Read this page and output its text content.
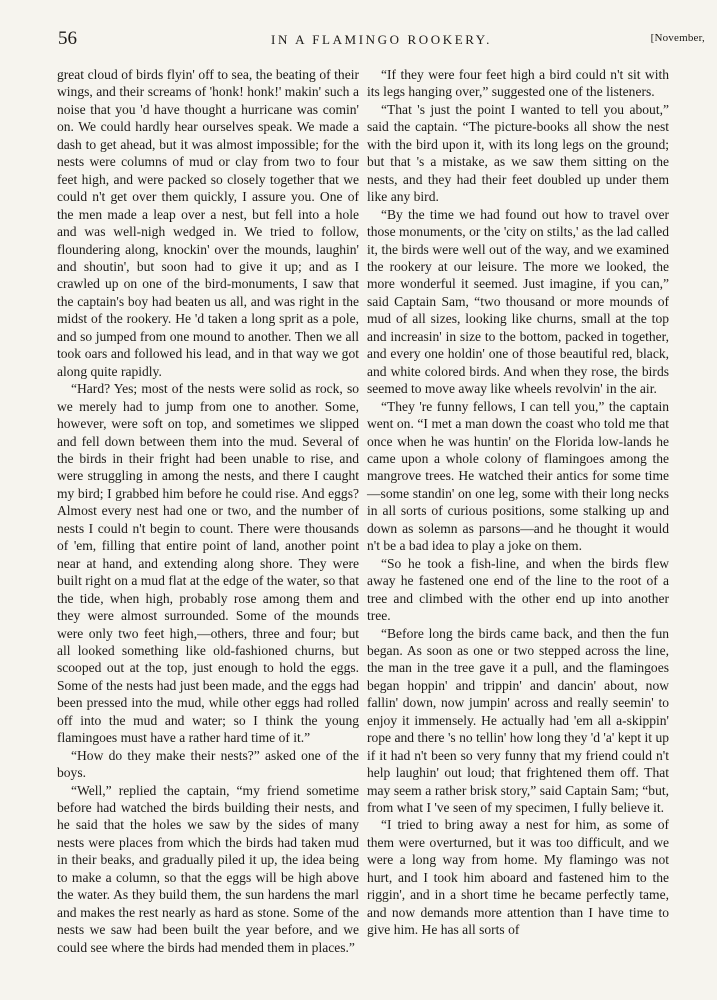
56	IN A FLAMINGO ROOKERY.	[November,

great cloud of birds flyin' off to sea, the beating of their wings, and their screams of 'honk! honk!' makin' such a noise that you 'd have thought a hurricane was comin' on. We could hardly hear ourselves speak. We made a dash to get ahead, but it was almost impossible; for the nests were columns of mud or clay from two to four feet high, and were packed so closely together that we could n't get over them quickly, I assure you. One of the men made a leap over a nest, but fell into a hole and was well-nigh wedged in. We tried to follow, floundering along, knockin' over the mounds, laughin' and shoutin', but soon had to give it up; and as I crawled up on one of the bird-monuments, I saw that the captain's boy had beaten us all, and was right in the midst of the rookery. He 'd taken a long sprit as a pole, and so jumped from one mound to another. Then we all took oars and followed his lead, and in that way we got along quite rapidly.

“Hard? Yes; most of the nests were solid as rock, so we merely had to jump from one to another. Some, however, were soft on top, and sometimes we slipped and fell down between them into the mud. Several of the birds in their fright had been unable to rise, and were struggling in among the nests, and there I caught my bird; I grabbed him before he could rise. And eggs? Almost every nest had one or two, and the number of nests I could n't begin to count. There were thousands of 'em, filling that entire point of land, another point near at hand, and extending along shore. They were built right on a mud flat at the edge of the water, so that the tide, when high, probably rose among them and they were almost surrounded. Some of the mounds were only two feet high,—others, three and four; but all looked something like old-fashioned churns, but scooped out at the top, just enough to hold the eggs. Some of the nests had just been made, and the eggs had been pressed into the mud, while other eggs had rolled off into the mud and water; so I think the young flamingoes must have a rather hard time of it.”

“How do they make their nests?” asked one of the boys.

“Well,” replied the captain, “my friend sometime before had watched the birds building their nests, and he said that the holes we saw by the sides of many nests were places from which the birds had taken mud in their beaks, and gradually piled it up, the idea being to make a column, so that the eggs will be high above the water. As they build them, the sun hardens the marl and makes the rest nearly as hard as stone. Some of the nests we saw had been built the year before, and we could see where the birds had mended them in places.”

“If they were four feet high a bird could n't sit with its legs hanging over,” suggested one of the listeners.

“That 's just the point I wanted to tell you about,” said the captain. “The picture-books all show the nest with the bird upon it, with its long legs on the ground; but that 's a mistake, as we saw them sitting on the nests, and they had their feet doubled up under them like any bird.

“By the time we had found out how to travel over those monuments, or the 'city on stilts,' as the lad called it, the birds were well out of the way, and we examined the rookery at our leisure. The more we looked, the more wonderful it seemed. Just imagine, if you can,” said Captain Sam, “two thousand or more mounds of mud of all sizes, looking like churns, small at the top and increasin' in size to the bottom, packed in together, and every one holdin' one of those beautiful red, black, and white colored birds. And when they rose, the birds seemed to move away like wheels revolvin' in the air.

“They 're funny fellows, I can tell you,” the captain went on. “I met a man down the coast who told me that once when he was huntin' on the Florida low-lands he came upon a whole colony of flamingoes among the mangrove trees. He watched their antics for some time—some standin' on one leg, some with their long necks in all sorts of curious positions, some stalking up and down as solemn as parsons—and he thought it would n't be a bad idea to play a joke on them.

“So he took a fish-line, and when the birds flew away he fastened one end of the line to the root of a tree and climbed with the other end up into another tree.

“Before long the birds came back, and then the fun began. As soon as one or two stepped across the line, the man in the tree gave it a pull, and the flamingoes began hoppin' and trippin' and dancin' about, now fallin' down, now jumpin' across and really seemin' to enjoy it immensely. He actually had 'em all a-skippin' rope and there 's no tellin' how long they 'd 'a' kept it up if it had n't been so very funny that my friend could n't help laughin' out loud; that frightened them off. That may seem a rather brisk story,” said Captain Sam; “but, from what I 've seen of my specimen, I fully believe it.

“I tried to bring away a nest for him, as some of them were overturned, but it was too difficult, and we were a long way from home. My flamingo was not hurt, and I took him aboard and fastened him to the riggin', and in a short time he became perfectly tame, and now demands more attention than I have time to give him. He has all sorts of
